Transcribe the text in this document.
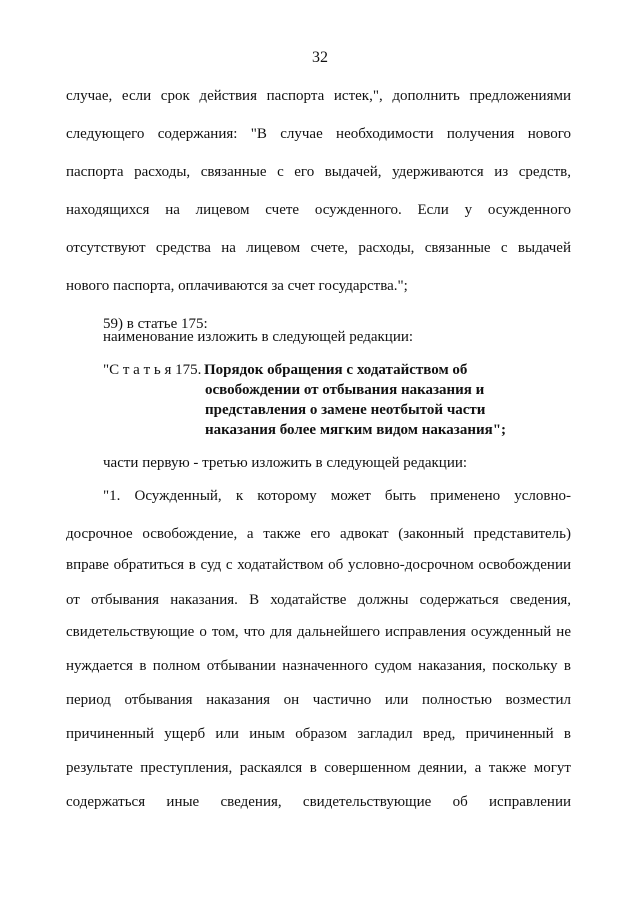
32
случае, если срок действия паспорта истек,", дополнить предложениями
следующего содержания: "В случае необходимости получения нового
паспорта расходы, связанные с его выдачей, удерживаются из средств,
находящихся на лицевом счете осужденного. Если у осужденного
отсутствуют средства на лицевом счете, расходы, связанные с выдачей
нового паспорта, оплачиваются за счет государства.";
59) в статье 175:
наименование изложить в следующей редакции:
"С т а т ь я 175. Порядок обращения с ходатайством об
освобождении от отбывания наказания и
представления о замене неотбытой части
наказания более мягким видом наказания";
части первую - третью изложить в следующей редакции:
"1. Осужденный, к которому может быть применено условно-
досрочное освобождение, а также его адвокат (законный представитель)
вправе обратиться в суд с ходатайством об условно-досрочном освобождении
от отбывания наказания. В ходатайстве должны содержаться сведения,
свидетельствующие о том, что для дальнейшего исправления осужденный не
нуждается в полном отбывании назначенного судом наказания, поскольку в
период отбывания наказания он частично или полностью возместил
причиненный ущерб или иным образом загладил вред, причиненный в
результате преступления, раскаялся в совершенном деянии, а также могут
содержаться иные сведения, свидетельствующие об исправлении
